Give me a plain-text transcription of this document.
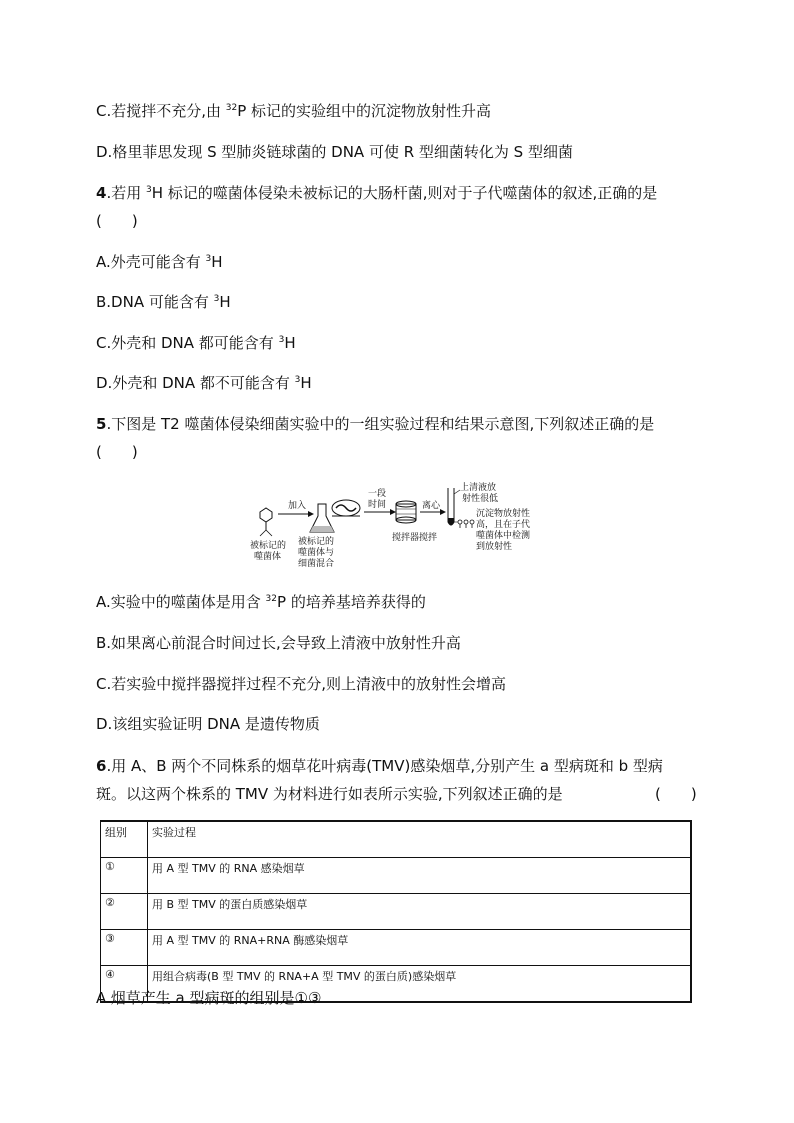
C.若搅拌不充分,由 $^{32}$P 标记的实验组中的沉淀物放射性升高
D.格里菲思发现 S 型肺炎链球菌的 DNA 可使 R 型细菌转化为 S 型细菌
4.若用 $^3$H 标记的噬菌体侵染未被标记的大肠杆菌,则对于子代噬菌体的叙述,正确的是
(　　)
A.外壳可能含有 $^3$H
B.DNA 可能含有 $^3$H
C.外壳和 DNA 都可能含有 $^3$H
D.外壳和 DNA 都不可能含有 $^3$H
5.下图是 T2 噬菌体侵染细菌实验中的一组实验过程和结果示意图,下列叙述正确的是
(　　)
被标记的
噬菌体
加入
被标记的
噬菌体与
细菌混合
一段
时间
搅拌器搅拌
离心
上清液放
射性很低
沉淀物放射性
高，且在子代
噬菌体中检测
到放射性
A.实验中的噬菌体是用含 $^{32}$P 的培养基培养获得的
B.如果离心前混合时间过长,会导致上清液中放射性升高
C.若实验中搅拌器搅拌过程不充分,则上清液中的放射性会增高
D.该组实验证明 DNA 是遗传物质
6.用 A、B 两个不同株系的烟草花叶病毒(TMV)感染烟草,分别产生 a 型病斑和 b 型病
斑。以这两个株系的 TMV 为材料进行如表所示实验,下列叙述正确的是	(　　)
组别	实验过程
①	用 A 型 TMV 的 RNA 感染烟草
②	用 B 型 TMV 的蛋白质感染烟草
③	用 A 型 TMV 的 RNA+RNA 酶感染烟草
④	用组合病毒(B 型 TMV 的 RNA+A 型 TMV 的蛋白质)感染烟草
A.烟草产生 a 型病斑的组别是①③
